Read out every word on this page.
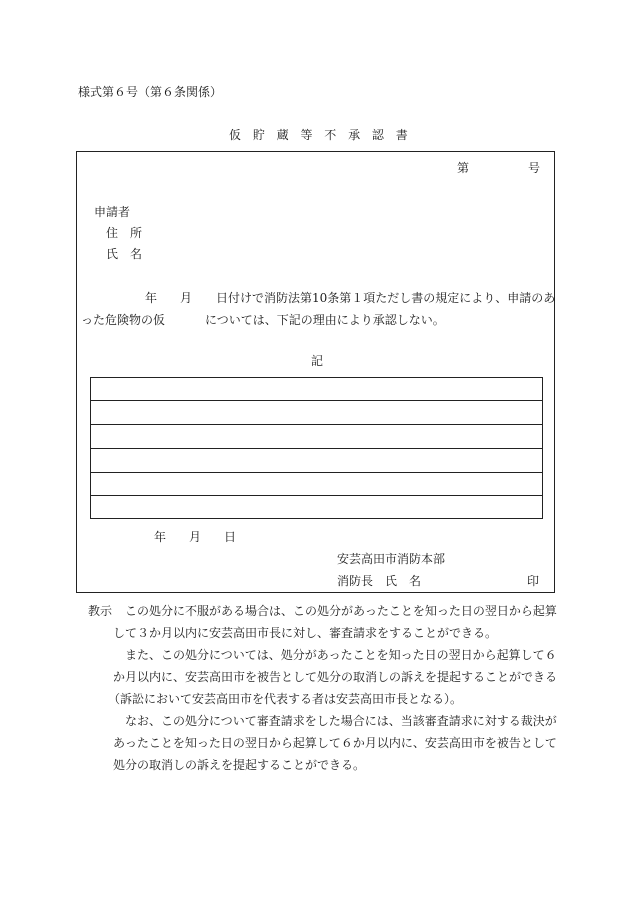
様式第６号（第６条関係）
仮 貯 蔵 等 不 承 認 書
第	号
申請者
住　所
氏　名
年 月 日付けで消防法第10条第１項ただし書の規定により、申請のあ
った危険物の仮	については、下記の理由により承認しない。
記
年 月 日
安芸高田市消防本部
消防長　氏　名	印
教示 この処分に不服がある場合は、この処分があったことを知った日の翌日から起算
して３か月以内に安芸高田市長に対し、審査請求をすることができる。
また、この処分については、処分があったことを知った日の翌日から起算して６
か月以内に、安芸高田市を被告として処分の取消しの訴えを提起することができる
（訴訟において安芸高田市を代表する者は安芸高田市長となる）。
なお、この処分について審査請求をした場合には、当該審査請求に対する裁決が
あったことを知った日の翌日から起算して６か月以内に、安芸高田市を被告として
処分の取消しの訴えを提起することができる。
